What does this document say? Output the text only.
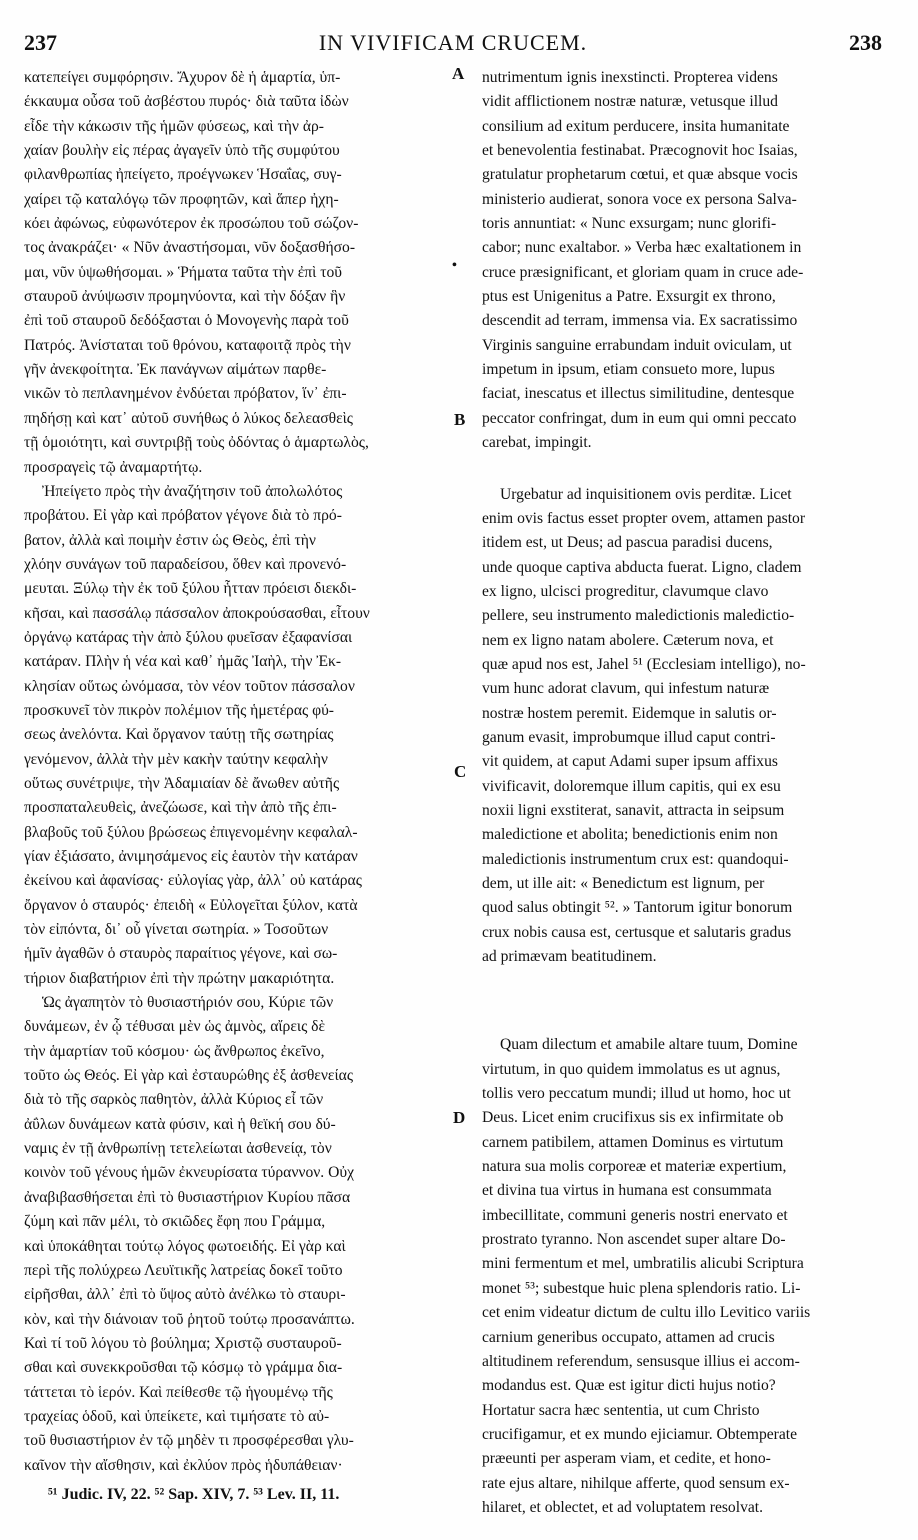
237	IN VIVIFICAM CRUCEM.	238
A
•
B
C
D
κατεπείγει συμφόρησιν. Ἄχυρον δὲ ἡ ἁμαρτία, ὑπ-
έκκαυμα οὖσα τοῦ ἀσβέστου πυρός· διὰ ταῦτα ἰδὼν
εἶδε τὴν κάκωσιν τῆς ἡμῶν φύσεως, καὶ τὴν ἀρ-
χαίαν βουλὴν εἰς πέρας ἀγαγεῖν ὑπὸ τῆς συμφύτου
φιλανθρωπίας ἠπείγετο, προέγνωκεν Ἡσαΐας, συγ-
χαίρει τῷ καταλόγῳ τῶν προφητῶν, καὶ ἅπερ ἠχη-
κόει ἀφώνως, εὐφωνότερον ἐκ προσώπου τοῦ σώζον-
τος ἀνακράζει· « Νῦν ἀναστήσομαι, νῦν δοξασθήσο-
μαι, νῦν ὑψωθήσομαι. » Ῥήματα ταῦτα τὴν ἐπὶ τοῦ
σταυροῦ ἀνύψωσιν προμηνύοντα, καὶ τὴν δόξαν ἣν
ἐπὶ τοῦ σταυροῦ δεδόξασται ὁ Μονογενὴς παρὰ τοῦ
Πατρός. Ἀνίσταται τοῦ θρόνου, καταφοιτᾷ πρὸς τὴν
γῆν ἀνεκφοίτητα. Ἐκ πανάγνων αἱμάτων παρθε-
νικῶν τὸ πεπλανημένον ἐνδύεται πρόβατον, ἵν᾽ ἐπι-
πηδήσῃ καὶ κατ᾽ αὐτοῦ συνήθως ὁ λύκος δελεασθεὶς
τῇ ὁμοιότητι, καὶ συντριβῇ τοὺς ὀδόντας ὁ ἁμαρτωλὸς,
προσραγεὶς τῷ ἀναμαρτήτῳ.
Ἠπείγετο πρὸς τὴν ἀναζήτησιν τοῦ ἀπολωλότος
προβάτου. Εἰ γὰρ καὶ πρόβατον γέγονε διὰ τὸ πρό-
βατον, ἀλλὰ καὶ ποιμὴν ἐστιν ὡς Θεὸς, ἐπὶ τὴν
χλόην συνάγων τοῦ παραδείσου, ὅθεν καὶ προνενό-
μευται. Ξύλῳ τὴν ἐκ τοῦ ξύλου ἧτταν πρόεισι διεκδι-
κῆσαι, καὶ πασσάλῳ πάσσαλον ἀποκρούσασθαι, εἶτουν
ὀργάνῳ κατάρας τὴν ἀπὸ ξύλου φυεῖσαν ἐξαφανίσαι
κατάραν. Πλὴν ἡ νέα καὶ καθ᾽ ἡμᾶς Ἰαὴλ, τὴν Ἐκ-
κλησίαν οὕτως ὠνόμασα, τὸν νέον τοῦτον πάσσαλον
προσκυνεῖ τὸν πικρὸν πολέμιον τῆς ἡμετέρας φύ-
σεως ἀνελόντα. Καὶ ὄργανον ταύτῃ τῆς σωτηρίας
γενόμενον, ἀλλὰ τὴν μὲν κακὴν ταύτην κεφαλὴν
οὕτως συνέτριψε, τὴν Ἀδαμιαίαν δὲ ἄνωθεν αὐτῆς
προσπαταλευθεὶς, ἀνεζώωσε, καὶ τὴν ἀπὸ τῆς ἐπι-
βλαβοῦς τοῦ ξύλου βρώσεως ἐπιγενομένην κεφαλαλ-
γίαν ἐξιάσατο, ἀνιμησάμενος εἰς ἑαυτὸν τὴν κατάραν
ἐκείνου καὶ ἀφανίσας· εὐλογίας γὰρ, ἀλλ᾽ οὐ κατάρας
ὄργανον ὁ σταυρός· ἐπειδὴ « Εὐλογεῖται ξύλον, κατὰ
τὸν εἰπόντα, δι᾽ οὗ γίνεται σωτηρία. » Τοσοῦτων
ἡμῖν ἀγαθῶν ὁ σταυρὸς παραίτιος γέγονε, καὶ σω-
τήριον διαβατήριον ἐπὶ τὴν πρώτην μακαριότητα.
Ὡς ἀγαπητὸν τὸ θυσιαστήριόν σου, Κύριε τῶν
δυνάμεων, ἐν ᾧ τέθυσαι μὲν ὡς ἀμνὸς, αἴρεις δὲ
τὴν ἁμαρτίαν τοῦ κόσμου· ὡς ἄνθρωπος ἐκεῖνο,
τοῦτο ὡς Θεός. Εἰ γὰρ καὶ ἐσταυρώθης ἐξ ἀσθενείας
διὰ τὸ τῆς σαρκὸς παθητὸν, ἀλλὰ Κύριος εἶ τῶν
ἀΰλων δυνάμεων κατὰ φύσιν, καὶ ἡ θεϊκή σου δύ-
ναμις ἐν τῇ ἀνθρωπίνῃ τετελείωται ἀσθενείᾳ, τὸν
κοινὸν τοῦ γένους ἡμῶν ἐκνευρίσατα τύραννον. Οὐχ
ἀναβιβασθήσεται ἐπὶ τὸ θυσιαστήριον Κυρίου πᾶσα
ζύμη καὶ πᾶν μέλι, τὸ σκιῶδες ἔφη που Γράμμα,
καὶ ὑποκάθηται τούτῳ λόγος φωτοειδής. Εἰ γὰρ καὶ
περὶ τῆς πολύχρεω Λευϊτικῆς λατρείας δοκεῖ τοῦτο
εἰρῆσθαι, ἀλλ᾽ ἐπὶ τὸ ὕψος αὐτὸ ἀνέλκω τὸ σταυρι-
κὸν, καὶ τὴν διάνοιαν τοῦ ῥητοῦ τούτῳ προσανάπτω.
Καὶ τί τοῦ λόγου τὸ βούλημα; Χριστῷ συσταυροῦ-
σθαι καὶ συνεκκροῦσθαι τῷ κόσμῳ τὸ γράμμα δια-
τάττεται τὸ ἱερόν. Καὶ πείθεσθε τῷ ἡγουμένῳ τῆς
τραχείας ὁδοῦ, καὶ ὑπείκετε, καὶ τιμήσατε τὸ αὐ-
τοῦ θυσιαστήριον ἐν τῷ μηδὲν τι προσφέρεσθαι γλυ-
καῖνον τὴν αἴσθησιν, καὶ ἐκλύον πρὸς ἡδυπάθειαν·
nutrimentum ignis inexstincti. Propterea videns
vidit afflictionem nostræ naturæ, vetusque illud
consilium ad exitum perducere, insita humanitate
et benevolentia festinabat. Præcognovit hoc Isaias,
gratulatur prophetarum cœtui, et quæ absque vocis
ministerio audierat, sonora voce ex persona Salva-
toris annuntiat: « Nunc exsurgam; nunc glorifi-
cabor; nunc exaltabor. » Verba hæc exaltationem in
cruce præsignificant, et gloriam quam in cruce ade-
ptus est Unigenitus a Patre. Exsurgit ex throno,
descendit ad terram, immensa via. Ex sacratissimo
Virginis sanguine errabundam induit oviculam, ut
impetum in ipsum, etiam consueto more, lupus
faciat, inescatus et illectus similitudine, dentesque
peccator confringat, dum in eum qui omni peccato
carebat, impingit.
Urgebatur ad inquisitionem ovis perditæ. Licet
enim ovis factus esset propter ovem, attamen pastor
itidem est, ut Deus; ad pascua paradisi ducens,
unde quoque captiva abducta fuerat. Ligno, cladem
ex ligno, ulcisci progreditur, clavumque clavo
pellere, seu instrumento maledictionis maledictio-
nem ex ligno natam abolere. Cæterum nova, et
quæ apud nos est, Jahel ⁵¹ (Ecclesiam intelligo), no-
vum hunc adorat clavum, qui infestum naturæ
nostræ hostem peremit. Eidemque in salutis or-
ganum evasit, improbumque illud caput contri-
vit quidem, at caput Adami super ipsum affixus
vivificavit, doloremque illum capitis, qui ex esu
noxii ligni exstiterat, sanavit, attracta in seipsum
maledictione et abolita; benedictionis enim non
maledictionis instrumentum crux est: quandoqui-
dem, ut ille ait: « Benedictum est lignum, per
quod salus obtingit ⁵². » Tantorum igitur bonorum
crux nobis causa est, certusque et salutaris gradus
ad primævam beatitudinem.
Quam dilectum et amabile altare tuum, Domine
virtutum, in quo quidem immolatus es ut agnus,
tollis vero peccatum mundi; illud ut homo, hoc ut
Deus. Licet enim crucifixus sis ex infirmitate ob
carnem patibilem, attamen Dominus es virtutum
natura sua molis corporeæ et materiæ expertium,
et divina tua virtus in humana est consummata
imbecillitate, communi generis nostri enervato et
prostrato tyranno. Non ascendet super altare Do-
mini fermentum et mel, umbratilis alicubi Scriptura
monet ⁵³; subestque huic plena splendoris ratio. Li-
cet enim videatur dictum de cultu illo Levitico variis
carnium generibus occupato, attamen ad crucis
altitudinem referendum, sensusque illius ei accom-
modandus est. Quæ est igitur dicti hujus notio?
Hortatur sacra hæc sententia, ut cum Christo
crucifigamur, et ex mundo ejiciamur. Obtemperate
præeunti per asperam viam, et cedite, et hono-
rate ejus altare, nihilque afferte, quod sensum ex-
hilaret, et oblectet, et ad voluptatem resolvat.
⁵¹ Judic. IV, 22. ⁵² Sap. XIV, 7. ⁵³ Lev. II, 11.
